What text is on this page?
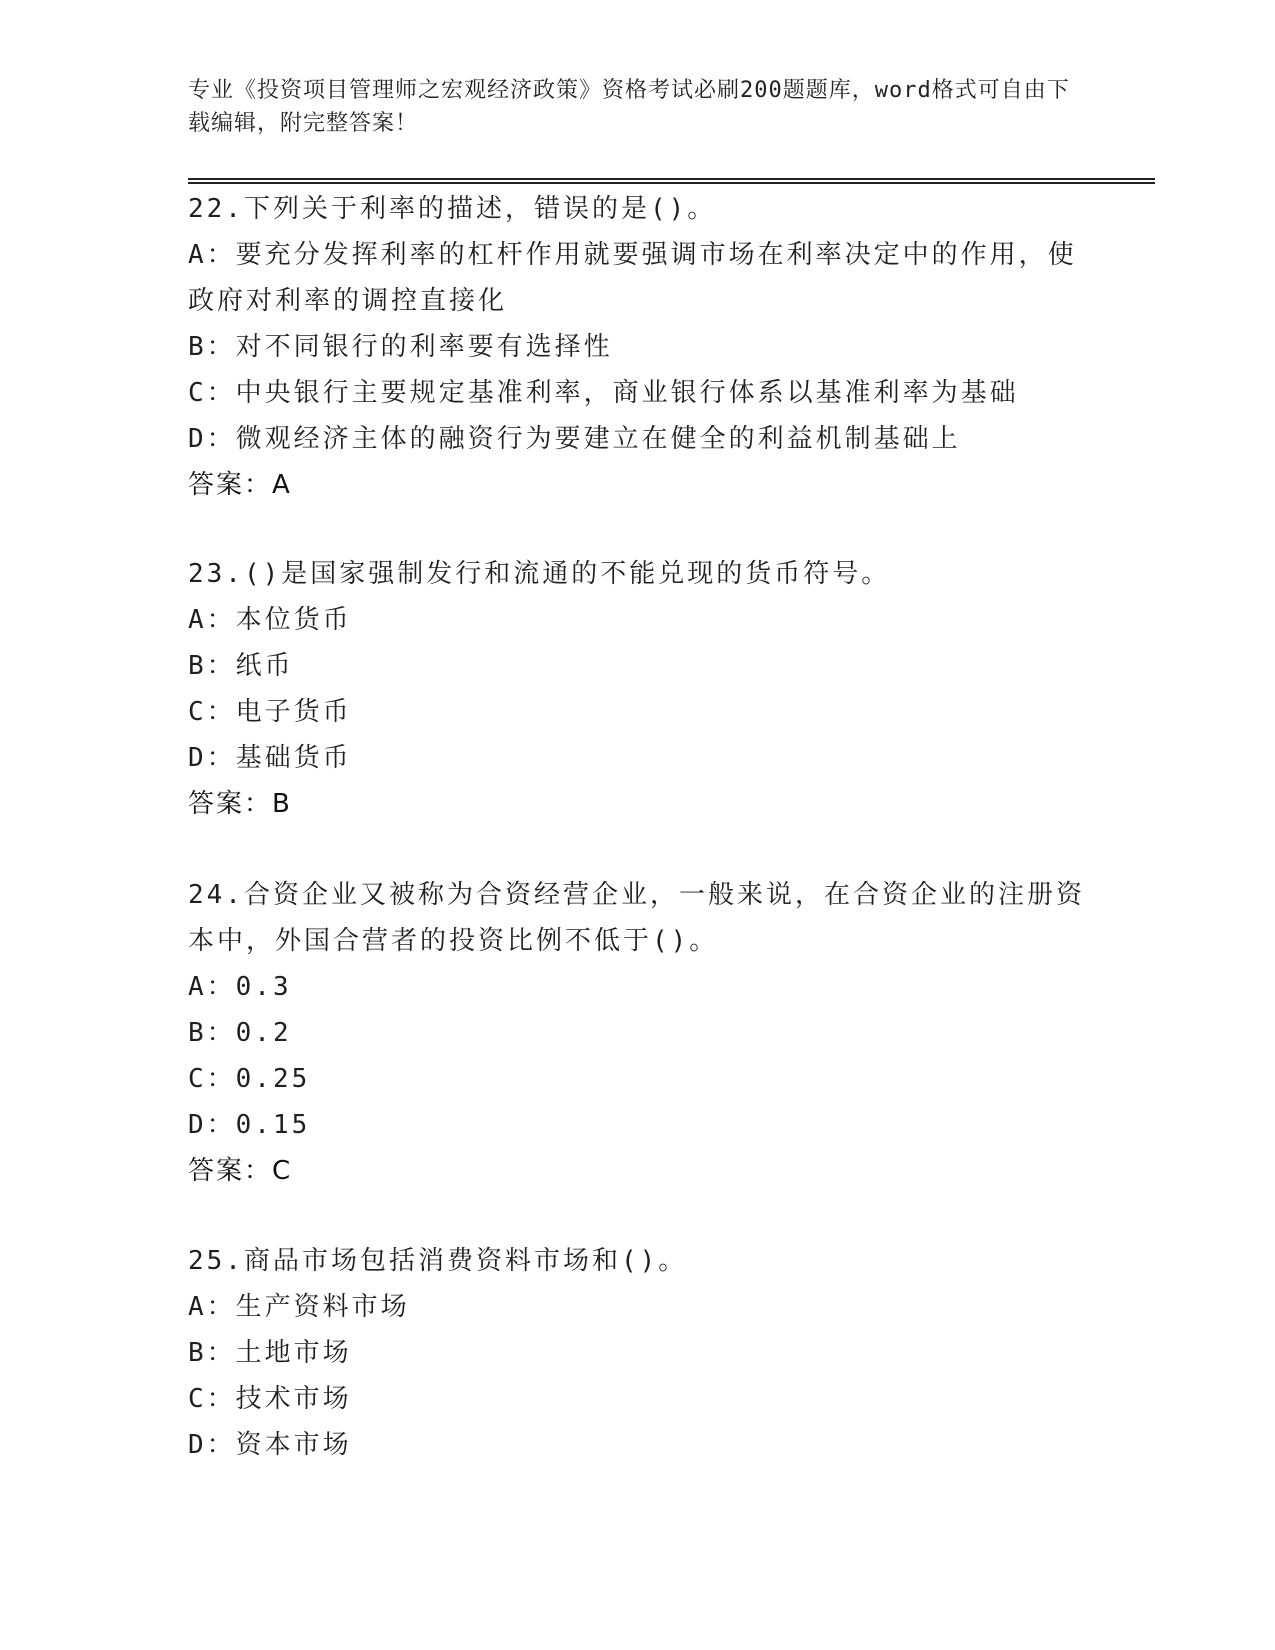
专业《投资项目管理师之宏观经济政策》资格考试必刷200题题库，word格式可自由下载编辑，附完整答案！
22.下列关于利率的描述，错误的是()。
A：要充分发挥利率的杠杆作用就要强调市场在利率决定中的作用，使
政府对利率的调控直接化
B：对不同银行的利率要有选择性
C：中央银行主要规定基准利率，商业银行体系以基准利率为基础
D：微观经济主体的融资行为要建立在健全的利益机制基础上
答案：A
23.()是国家强制发行和流通的不能兑现的货币符号。
A：本位货币
B：纸币
C：电子货币
D：基础货币
答案：B
24.合资企业又被称为合资经营企业，一般来说，在合资企业的注册资
本中，外国合营者的投资比例不低于()。
A：0.3
B：0.2
C：0.25
D：0.15
答案：C
25.商品市场包括消费资料市场和()。
A：生产资料市场
B：土地市场
C：技术市场
D：资本市场
